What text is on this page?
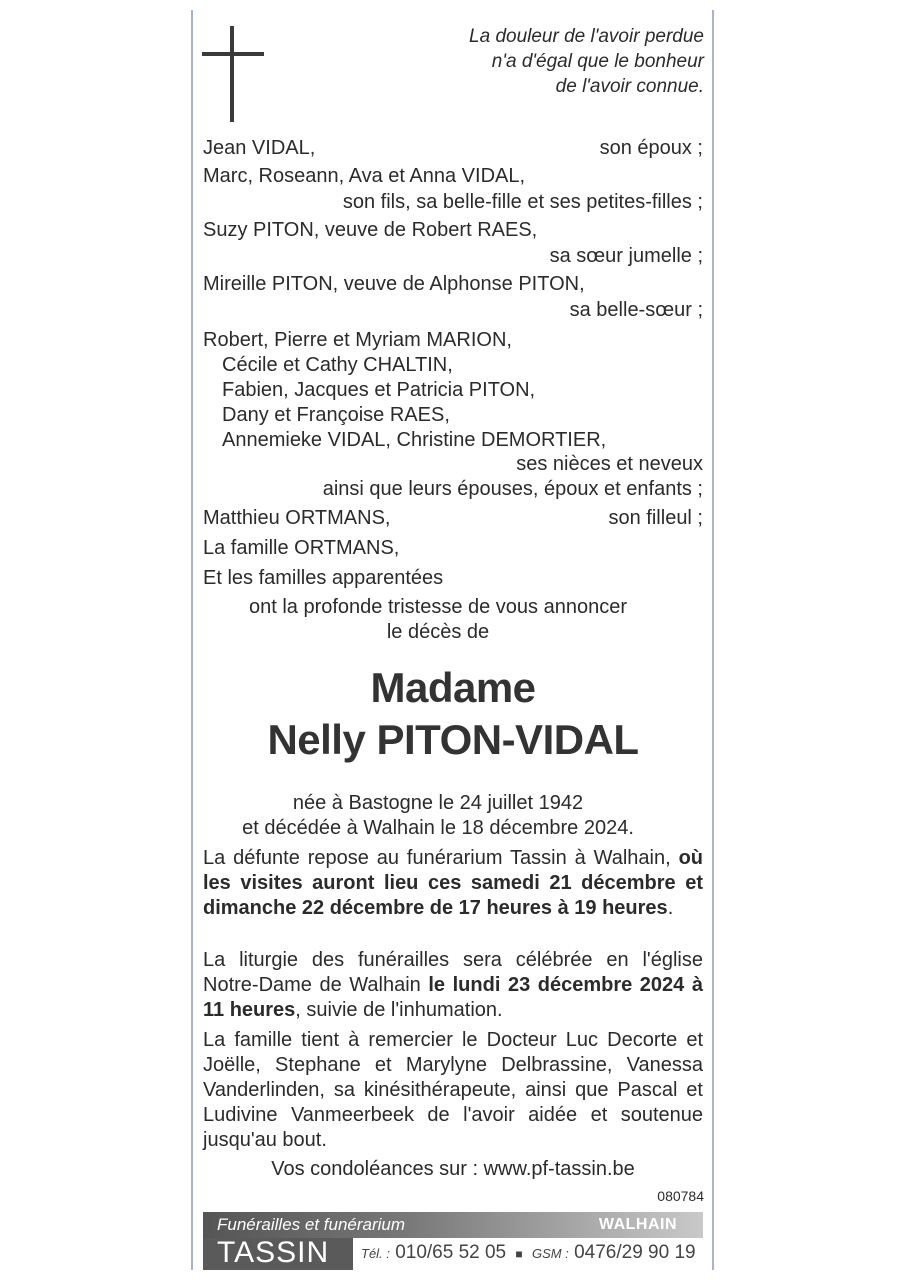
La douleur de l'avoir perdue
n'a d'égal que le bonheur
de l'avoir connue.
Jean VIDAL,	son époux ;
Marc, Roseann, Ava et Anna VIDAL,
son fils, sa belle-fille et ses petites-filles ;
Suzy PITON, veuve de Robert RAES,
sa sœur jumelle ;
Mireille PITON, veuve de Alphonse PITON,
sa belle-sœur ;
Robert, Pierre et Myriam MARION,
Cécile et Cathy CHALTIN,
Fabien, Jacques et Patricia PITON,
Dany et Françoise RAES,
Annemieke VIDAL, Christine DEMORTIER,
ses nièces et neveux
ainsi que leurs épouses, époux et enfants ;
Matthieu ORTMANS,	son filleul ;
La famille ORTMANS,
Et les familles apparentées
ont la profonde tristesse de vous annoncer
le décès de
Madame
Nelly PITON-VIDAL
née à Bastogne le 24 juillet 1942
et décédée à Walhain le 18 décembre 2024.
La défunte repose au funérarium Tassin à Walhain, où les visites auront lieu ces samedi 21 décembre et dimanche 22 décembre de 17 heures à 19 heures.
La liturgie des funérailles sera célébrée en l'église Notre-Dame de Walhain le lundi 23 décembre 2024 à 11 heures, suivie de l'inhumation.
La famille tient à remercier le Docteur Luc Decorte et Joëlle, Stephane et Marylyne Delbrassine, Vanessa Vanderlinden, sa kinésithérapeute, ainsi que Pascal et Ludivine Vanmeerbeek de l'avoir aidée et soutenue jusqu'au bout.
Vos condoléances sur : www.pf-tassin.be
080784
Funérailles et funérarium	WALHAIN
TASSIN Tél. : 010/65 52 05 ■ GSM : 0476/29 90 19
